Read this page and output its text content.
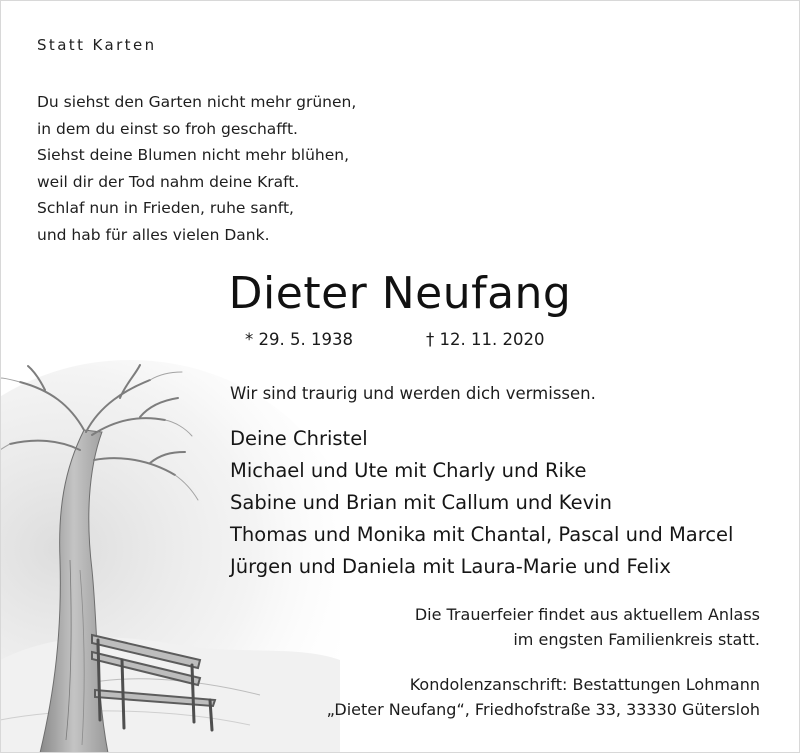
Statt Karten
Du siehst den Garten nicht mehr grünen,
in dem du einst so froh geschafft.
Siehst deine Blumen nicht mehr blühen,
weil dir der Tod nahm deine Kraft.
Schlaf nun in Frieden, ruhe sanft,
und hab für alles vielen Dank.
Dieter Neufang
* 29. 5. 1938	† 12. 11. 2020
Wir sind traurig und werden dich vermissen.
Deine Christel
Michael und Ute mit Charly und Rike
Sabine und Brian mit Callum und Kevin
Thomas und Monika mit Chantal, Pascal und Marcel
Jürgen und Daniela mit Laura-Marie und Felix
Die Trauerfeier findet aus aktuellem Anlass
im engsten Familienkreis statt.
Kondolenzanschrift: Bestattungen Lohmann
„Dieter Neufang“, Friedhofstraße 33, 33330 Gütersloh
